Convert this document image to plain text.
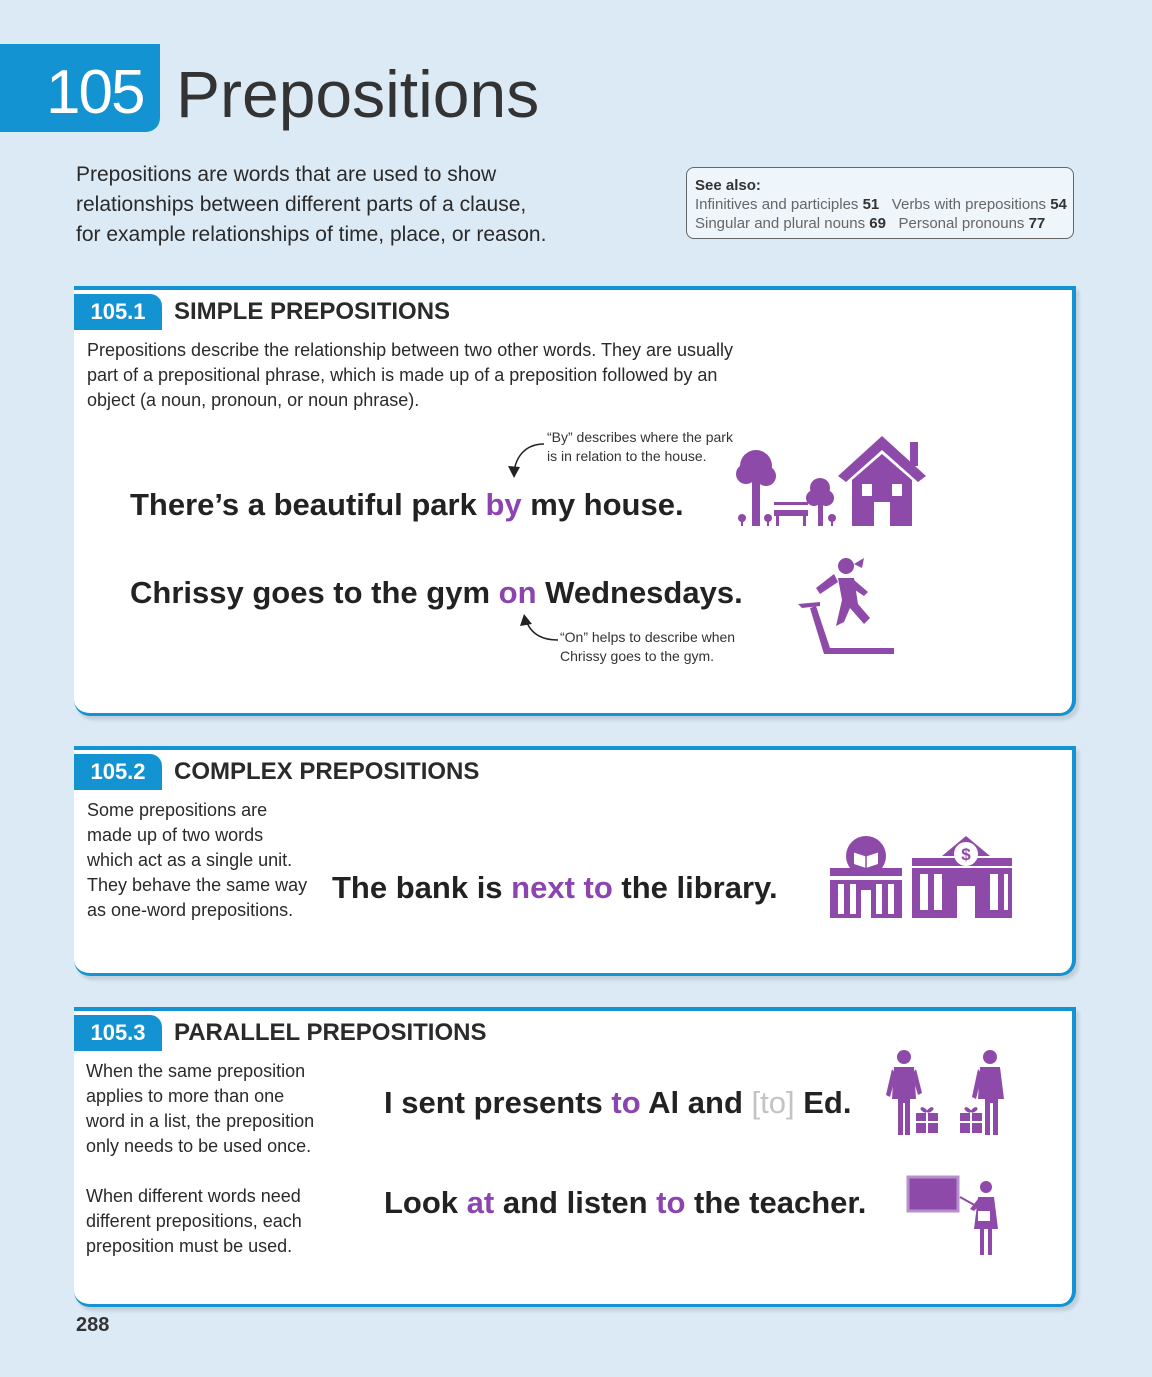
105 Prepositions
Prepositions are words that are used to show
relationships between different parts of a clause,
for example relationships of time, place, or reason.
See also:
Infinitives and participles 51 Verbs with prepositions 54
Singular and plural nouns 69 Personal pronouns 77
105.1	SIMPLE PREPOSITIONS
Prepositions describe the relationship between two other words. They are usually
part of a prepositional phrase, which is made up of a preposition followed by an
object (a noun, pronoun, or noun phrase).
“By” describes where the park
is in relation to the house.
There’s a beautiful park by my house.
Chrissy goes to the gym on Wednesdays.
“On” helps to describe when
Chrissy goes to the gym.
105.2	COMPLEX PREPOSITIONS
Some prepositions are
made up of two words
which act as a single unit.
They behave the same way
as one-word prepositions.
The bank is next to the library.
$
105.3	PARALLEL PREPOSITIONS
When the same preposition
applies to more than one
word in a list, the preposition
only needs to be used once.
When different words need
different prepositions, each
preposition must be used.
I sent presents to Al and [to] Ed.
Look at and listen to the teacher.
288
